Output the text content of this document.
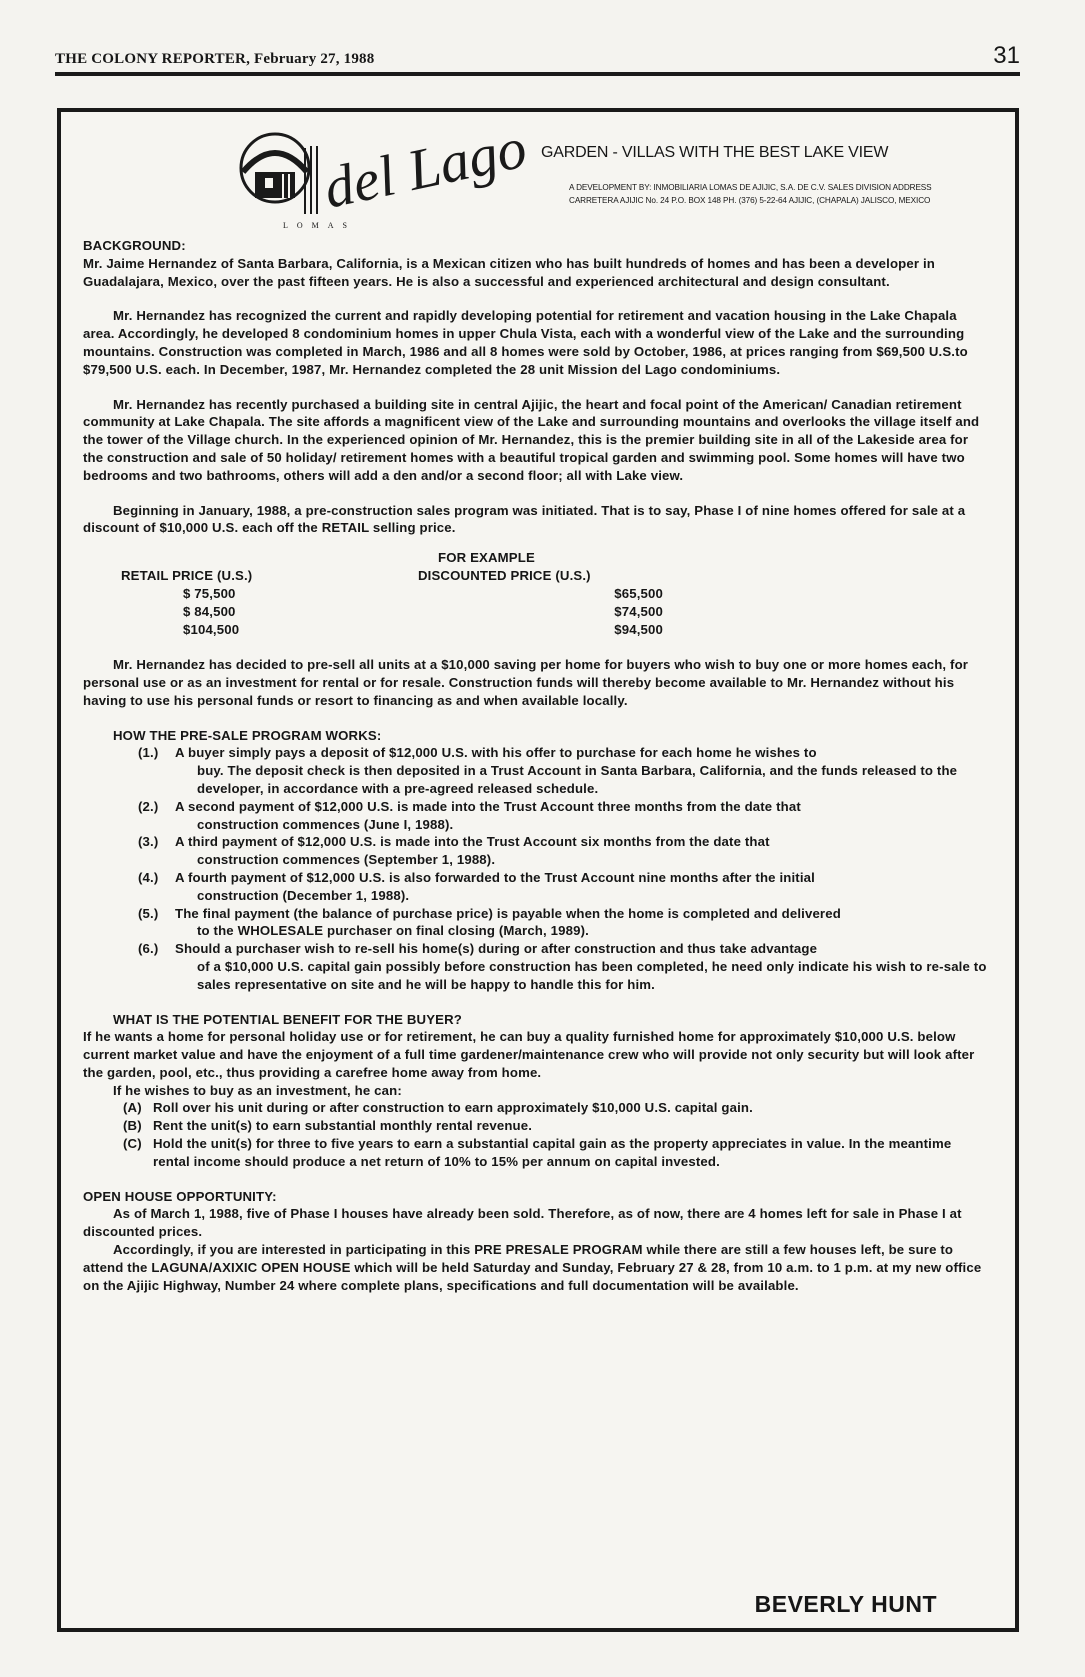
THE COLONY REPORTER, February 27, 1988	31
del Lago
LOMAS
GARDEN - VILLAS WITH THE BEST LAKE VIEW
A DEVELOPMENT BY: INMOBILIARIA LOMAS DE AJIJIC, S.A. DE C.V. SALES DIVISION ADDRESS
CARRETERA AJIJIC No. 24 P.O. BOX 148 PH. (376) 5-22-64 AJIJIC, (CHAPALA) JALISCO, MEXICO

BACKGROUND:

Mr. Jaime Hernandez of Santa Barbara, California, is a Mexican citizen who has built hundreds of homes and has been a developer in Guadalajara, Mexico, over the past fifteen years. He is also a successful and experienced architectural and design consultant.

Mr. Hernandez has recognized the current and rapidly developing potential for retirement and vacation housing in the Lake Chapala area. Accordingly, he developed 8 condominium homes in upper Chula Vista, each with a wonderful view of the Lake and the surrounding mountains. Construction was completed in March, 1986 and all 8 homes were sold by October, 1986, at prices ranging from $69,500 U.S.to $79,500 U.S. each. In December, 1987, Mr. Hernandez completed the 28 unit Mission del Lago condominiums.

Mr. Hernandez has recently purchased a building site in central Ajijic, the heart and focal point of the American/ Canadian retirement community at Lake Chapala. The site affords a magnificent view of the Lake and surrounding mountains and overlooks the village itself and the tower of the Village church. In the experienced opinion of Mr. Hernandez, this is the premier building site in all of the Lakeside area for the construction and sale of 50 holiday/ retirement homes with a beautiful tropical garden and swimming pool. Some homes will have two bedrooms and two bathrooms, others will add a den and/or a second floor; all with Lake view.

Beginning in January, 1988, a pre-construction sales program was initiated. That is to say, Phase I of nine homes offered for sale at a discount of $10,000 U.S. each off the RETAIL selling price.

FOR EXAMPLE
RETAIL PRICE (U.S.)	DISCOUNTED PRICE (U.S.)
$ 75,500
$ 84,500
$104,500
$65,500
$74,500
$94,500

Mr. Hernandez has decided to pre-sell all units at a $10,000 saving per home for buyers who wish to buy one or more homes each, for personal use or as an investment for rental or for resale. Construction funds will thereby become available to Mr. Hernandez without his having to use his personal funds or resort to financing as and when available locally.

HOW THE PRE-SALE PROGRAM WORKS:

(1.) A buyer simply pays a deposit of $12,000 U.S. with his offer to purchase for each home he wishes to
buy. The deposit check is then deposited in a Trust Account in Santa Barbara, California, and the funds released to the developer, in accordance with a pre-agreed released schedule.
(2.) A second payment of $12,000 U.S. is made into the Trust Account three months from the date that
construction commences (June I, 1988).
(3.) A third payment of $12,000 U.S. is made into the Trust Account six months from the date that
construction commences (September 1, 1988).
(4.) A fourth payment of $12,000 U.S. is also forwarded to the Trust Account nine months after the initial
construction (December 1, 1988).
(5.) The final payment (the balance of purchase price) is payable when the home is completed and delivered
to the WHOLESALE purchaser on final closing (March, 1989).
(6.) Should a purchaser wish to re-sell his home(s) during or after construction and thus take advantage
of a $10,000 U.S. capital gain possibly before construction has been completed, he need only indicate his wish to re-sale to sales representative on site and he will be happy to handle this for him.

WHAT IS THE POTENTIAL BENEFIT FOR THE BUYER?

If he wants a home for personal holiday use or for retirement, he can buy a quality furnished home for approximately $10,000 U.S. below current market value and have the enjoyment of a full time gardener/maintenance crew who will provide not only security but will look after the garden, pool, etc., thus providing a carefree home away from home.

If he wishes to buy as an investment, he can:

(A) Roll over his unit during or after construction to earn approximately $10,000 U.S. capital gain.
(B) Rent the unit(s) to earn substantial monthly rental revenue.
(C) Hold the unit(s) for three to five years to earn a substantial capital gain as the property appreciates in value. In the meantime rental income should produce a net return of 10% to 15% per annum on capital invested.

OPEN HOUSE OPPORTUNITY:

As of March 1, 1988, five of Phase I houses have already been sold. Therefore, as of now, there are 4 homes left for sale in Phase I at discounted prices.

Accordingly, if you are interested in participating in this PRE PRESALE PROGRAM while there are still a few houses left, be sure to attend the LAGUNA/AXIXIC OPEN HOUSE which will be held Saturday and Sunday, February 27 & 28, from 10 a.m. to 1 p.m. at my new office on the Ajijic Highway, Number 24 where complete plans, specifications and full documentation will be available.

BEVERLY HUNT
